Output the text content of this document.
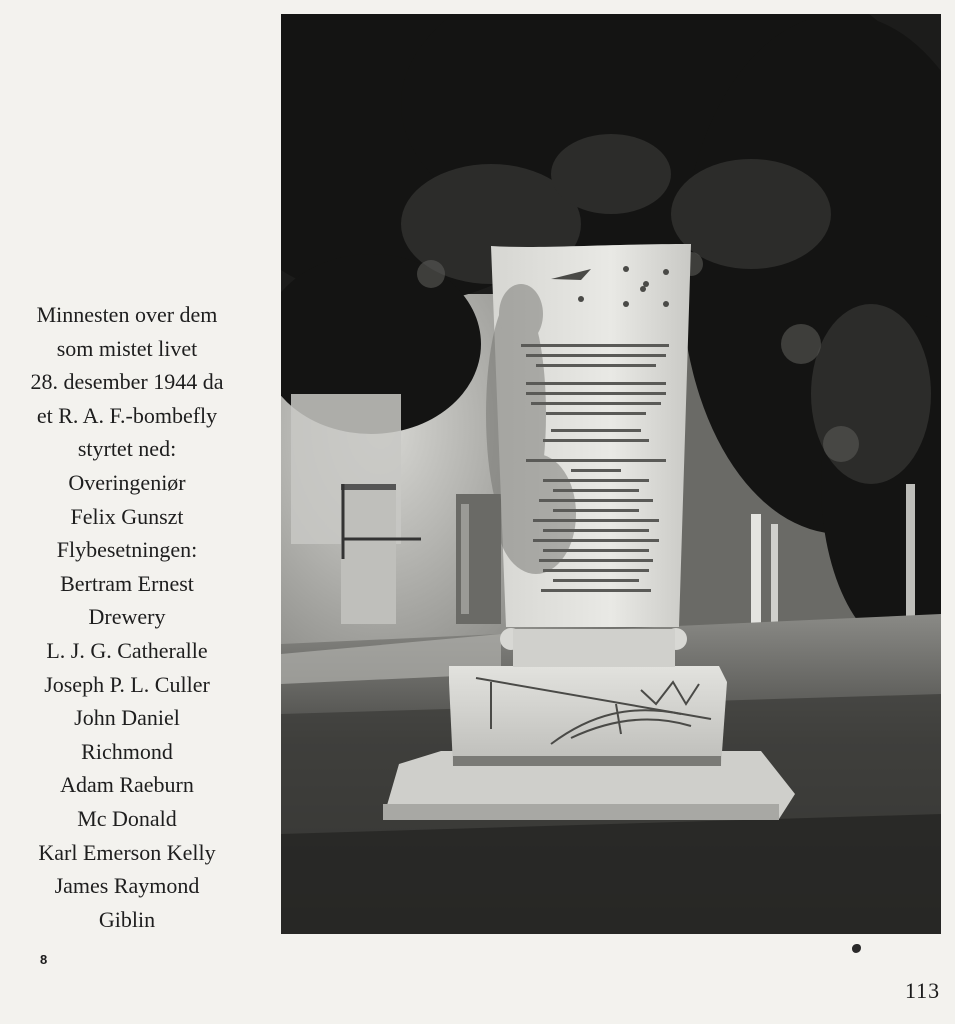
Minnesten over dem
som mistet livet
28. desember 1944 da
et R. A. F.-bombefly
styrtet ned:
Overingeniør
Felix Gunszt
Flybesetningen:
Bertram Ernest
Drewery
L. J. G. Catheralle
Joseph P. L. Culler
John Daniel
Richmond
Adam Raeburn
Mc Donald
Karl Emerson Kelly
James Raymond
Giblin
8
113
